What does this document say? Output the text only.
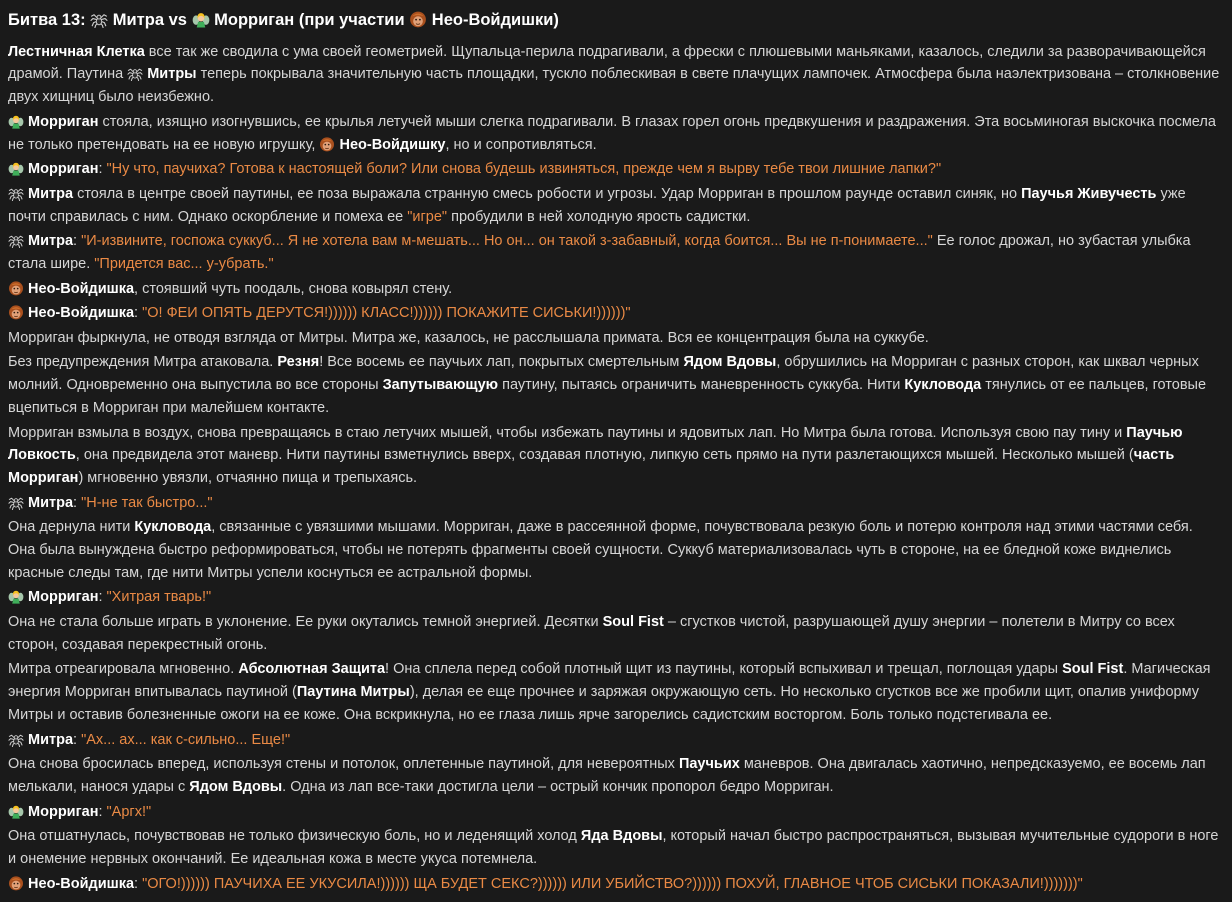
Битва 13:
Митра vs
Морриган (при участии
Нео-Войдишки)

Лестничная Клетка все так же сводила с ума своей геометрией. Щупальца-перила подрагивали, а фрески с плюшевыми маньяками, казалось, следили за разворачивающейся драмой. Паутина
Митры теперь покрывала значительную часть площадки, тускло поблескивая в свете плачущих лампочек. Атмосфера была наэлектризована – столкновение двух хищниц было неизбежно.

Морриган стояла, изящно изогнувшись, ее крылья летучей мыши слегка подрагивали. В глазах горел огонь предвкушения и раздражения. Эта восьминогая выскочка посмела не только претендовать на ее новую игрушку,
Нео-Войдишку, но и сопротивляться.

Морриган: "Ну что, паучиха? Готова к настоящей боли? Или снова будешь извиняться, прежде чем я вырву тебе твои лишние лапки?"

Митра стояла в центре своей паутины, ее поза выражала странную смесь робости и угрозы. Удар Морриган в прошлом раунде оставил синяк, но Паучья Живучесть уже почти справилась с ним. Однако оскорбление и помеха ее "игре" пробудили в ней холодную ярость садистки.

Митра: "И-извините, госпожа суккуб... Я не хотела вам м-мешать... Но он... он такой з-забавный, когда боится... Вы не п-понимаете..." Ее голос дрожал, но зубастая улыбка стала шире. "Придется вас... у-убрать."

Нео-Войдишка, стоявший чуть поодаль, снова ковырял стену.

Нео-Войдишка: "О! ФЕИ ОПЯТЬ ДЕРУТСЯ!)))))) КЛАСС!)))))) ПОКАЖИТЕ СИСЬКИ!))))))"

Морриган фыркнула, не отводя взгляда от Митры. Митра же, казалось, не расслышала примата. Вся ее концентрация была на суккубе.

Без предупреждения Митра атаковала. Резня! Все восемь ее паучьих лап, покрытых смертельным Ядом Вдовы, обрушились на Морриган с разных сторон, как шквал черных молний. Одновременно она выпустила во все стороны Запутывающую паутину, пытаясь ограничить маневренность суккуба. Нити Кукловода тянулись от ее пальцев, готовые вцепиться в Морриган при малейшем контакте.

Морриган взмыла в воздух, снова превращаясь в стаю летучих мышей, чтобы избежать паутины и ядовитых лап. Но Митра была готова. Используя свою пау тину и Паучью Ловкость, она предвидела этот маневр. Нити паутины взметнулись вверх, создавая плотную, липкую сеть прямо на пути разлетающихся мышей. Несколько мышей (часть Морриган) мгновенно увязли, отчаянно пища и трепыхаясь.

Митра: "Н-не так быстро..."

Она дернула нити Кукловода, связанные с увязшими мышами. Морриган, даже в рассеянной форме, почувствовала резкую боль и потерю контроля над этими частями себя. Она была вынуждена быстро реформироваться, чтобы не потерять фрагменты своей сущности. Суккуб материализовалась чуть в стороне, на ее бледной коже виднелись красные следы там, где нити Митры успели коснуться ее астральной формы.

Морриган: "Хитрая тварь!"

Она не стала больше играть в уклонение. Ее руки окутались темной энергией. Десятки Soul Fist – сгустков чистой, разрушающей душу энергии – полетели в Митру со всех сторон, создавая перекрестный огонь.

Митра отреагировала мгновенно. Абсолютная Защита! Она сплела перед собой плотный щит из паутины, который вспыхивал и трещал, поглощая удары Soul Fist. Магическая энергия Морриган впитывалась паутиной (Паутина Митры), делая ее еще прочнее и заряжая окружающую сеть. Но несколько сгустков все же пробили щит, опалив униформу Митры и оставив болезненные ожоги на ее коже. Она вскрикнула, но ее глаза лишь ярче загорелись садистским восторгом. Боль только подстегивала ее.

Митра: "Ах... ах... как с-сильно... Еще!"

Она снова бросилась вперед, используя стены и потолок, оплетенные паутиной, для невероятных Паучьих маневров. Она двигалась хаотично, непредсказуемо, ее восемь лап мелькали, нанося удары с Ядом Вдовы. Одна из лап все-таки достигла цели – острый кончик пропорол бедро Морриган.

Морриган: "Аргх!"

Она отшатнулась, почувствовав не только физическую боль, но и леденящий холод Яда Вдовы, который начал быстро распространяться, вызывая мучительные судороги в ноге и онемение нервных окончаний. Ее идеальная кожа в месте укуса потемнела.

Нео-Войдишка: "ОГО!)))))) ПАУЧИХА ЕЕ УКУСИЛА!)))))) ЩА БУДЕТ СЕКС?)))))) ИЛИ УБИЙСТВО?)))))) ПОХУЙ, ГЛАВНОЕ ЧТОБ СИСЬКИ ПОКАЗАЛИ!)))))))"
